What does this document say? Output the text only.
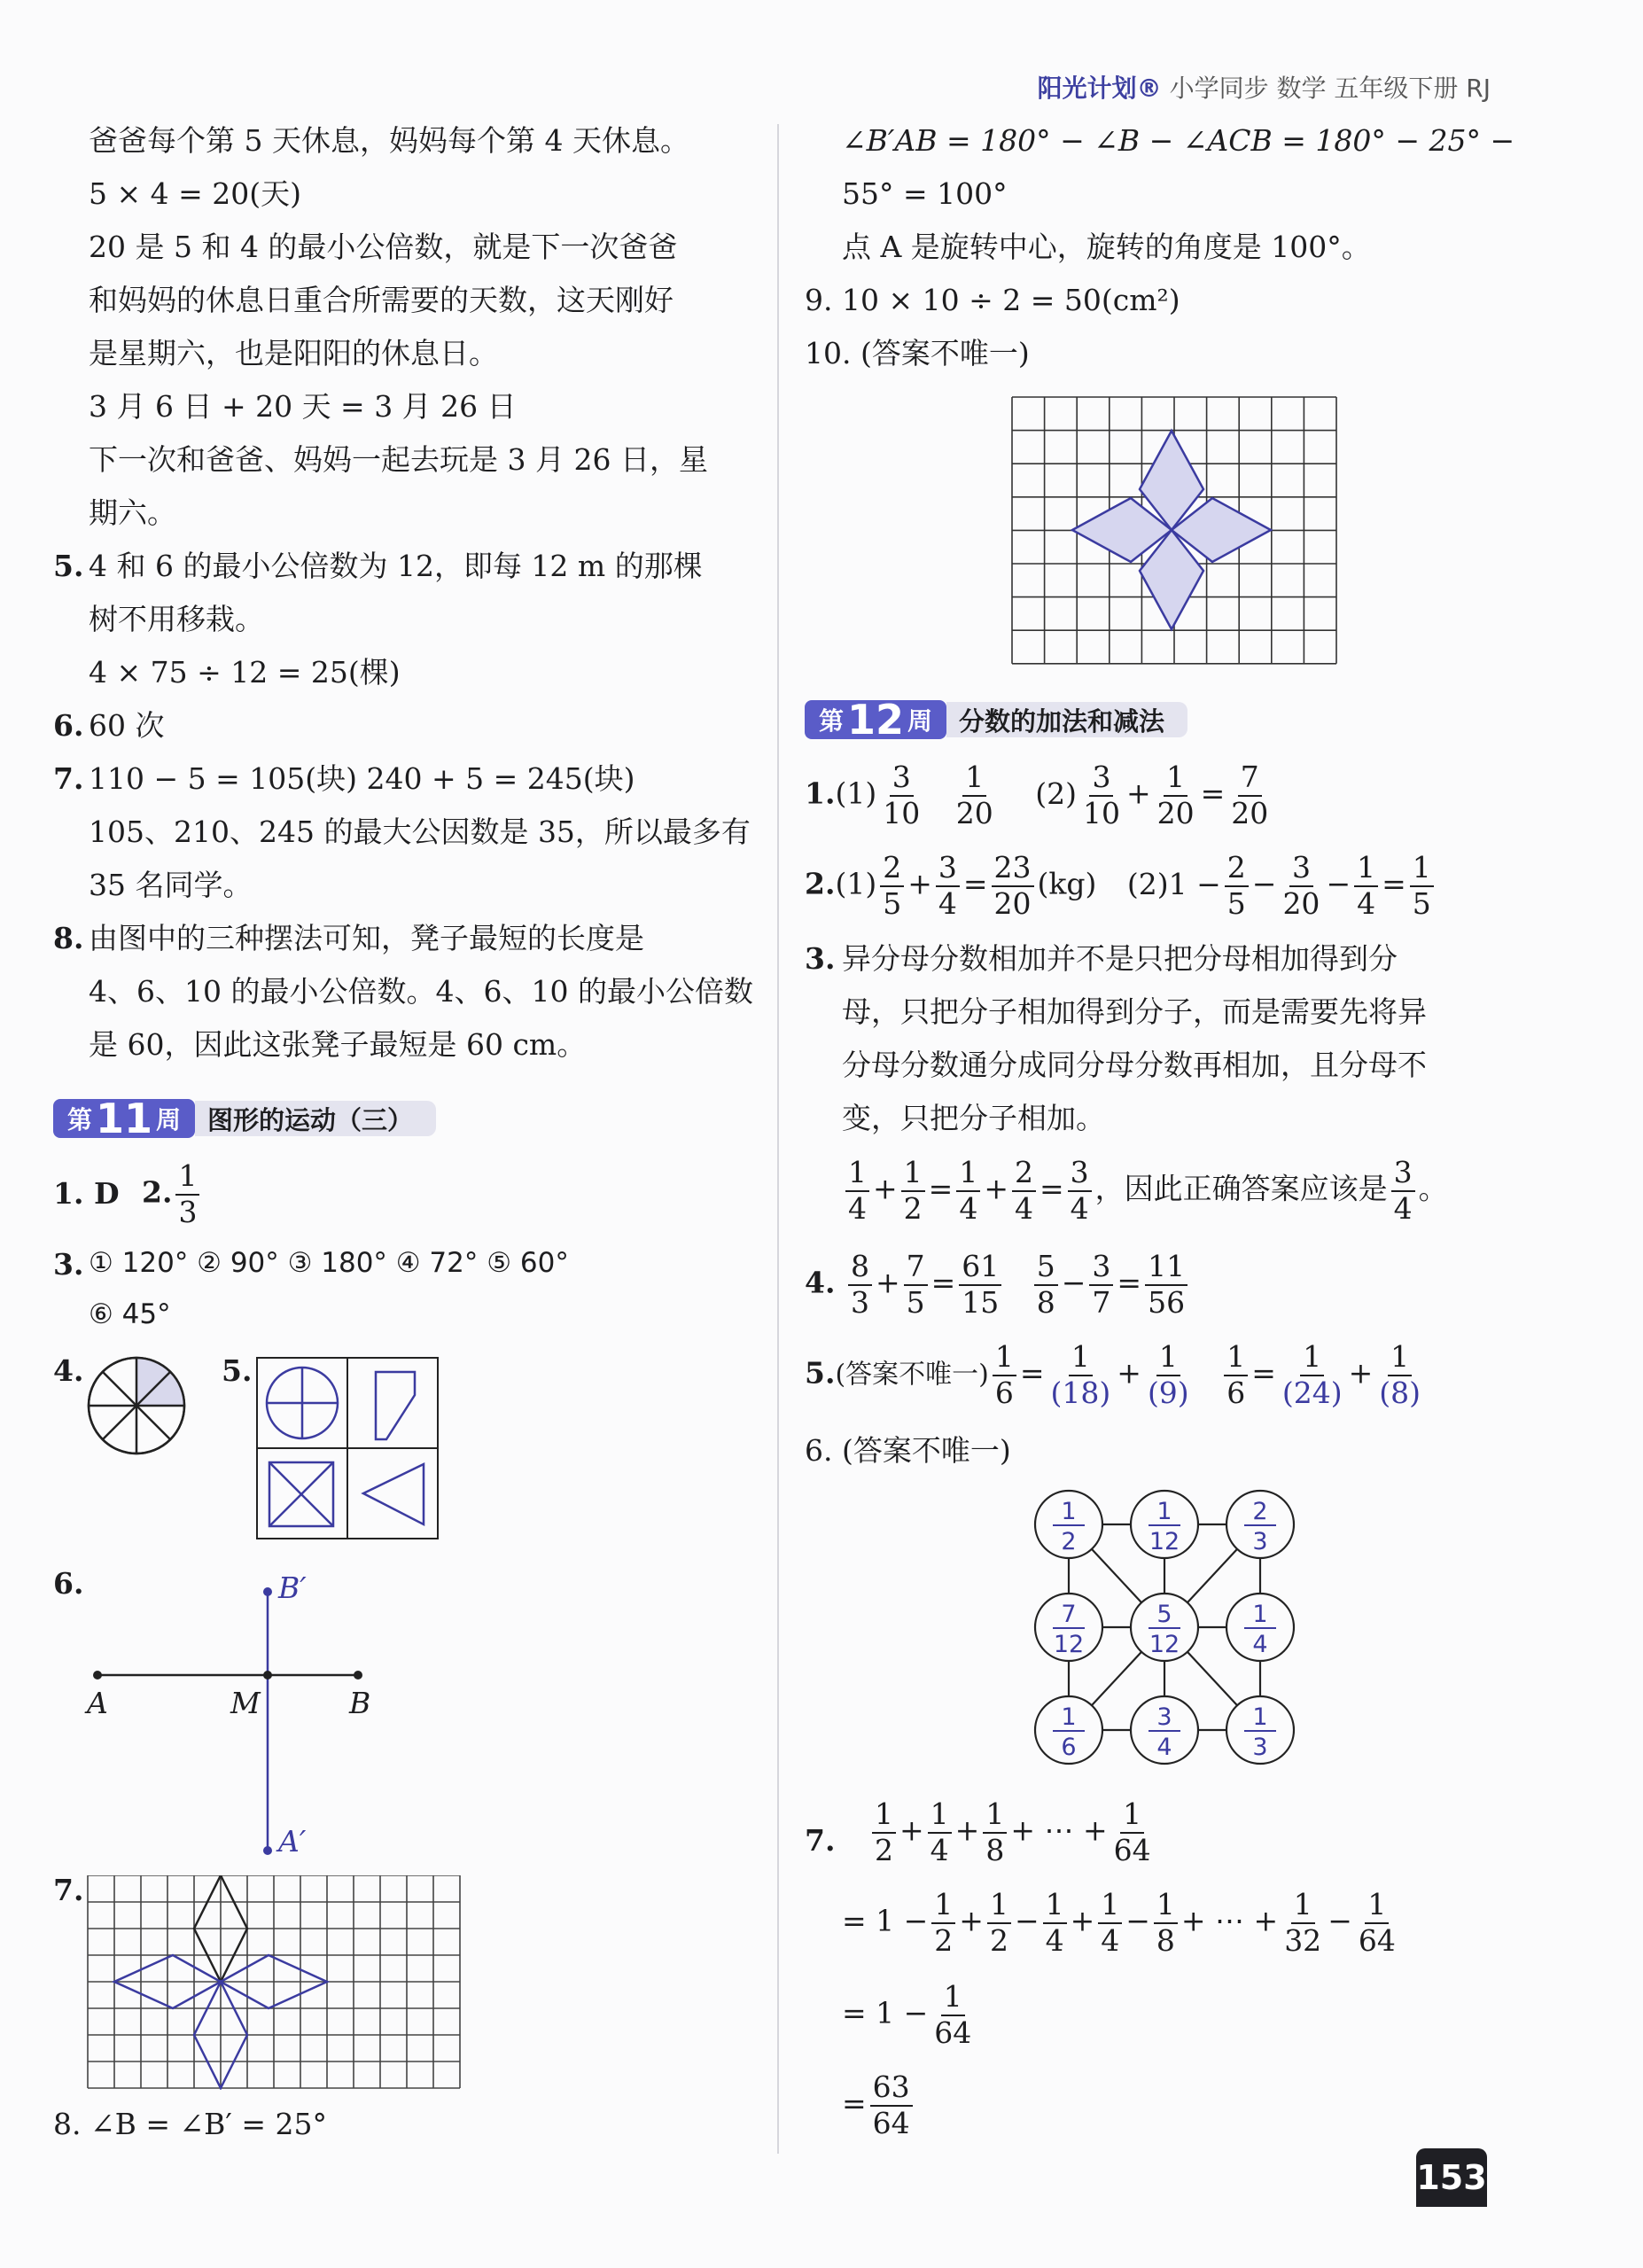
阳光计划® 小学同步 数学 五年级下册 RJ
爸爸每个第 5 天休息，妈妈每个第 4 天休息。
5 × 4 = 20(天)
20 是 5 和 4 的最小公倍数，就是下一次爸爸
和妈妈的休息日重合所需要的天数，这天刚好
是星期六，也是阳阳的休息日。
3 月 6 日 + 20 天 = 3 月 26 日
下一次和爸爸、妈妈一起去玩是 3 月 26 日，星
期六。
5. 4 和 6 的最小公倍数为 12，即每 12 m 的那棵
树不用移栽。
4 × 75 ÷ 12 = 25(棵)
6. 60 次
7. 110 − 5 = 105(块) 240 + 5 = 245(块)
105、210、245 的最大公因数是 35，所以最多有
35 名同学。
8. 由图中的三种摆法可知，凳子最短的长度是
4、6、10 的最小公倍数。4、6、10 的最小公倍数
是 60，因此这张凳子最短是 60 cm。
第 11 周	图形的运动（三）
1. D 2. $\frac{1}{3}$
3. ① 120° ② 90° ③ 180° ④ 72° ⑤ 60°
⑥ 45°
4.	5.
6.
A	M	B
B′
A′
7.
8. ∠B = ∠B′ = 25°
∠B′AB = 180° − ∠B − ∠ACB = 180° − 25° −
55° = 100°
点 A 是旋转中心，旋转的角度是 100°。
9. 10 × 10 ÷ 2 = 50(cm²)
10. (答案不唯一)
第 12 周	分数的加法和减法
$1.(1) \frac{3}{10}$
$\frac{1}{20} (2) \frac{3}{10} + \frac{1}{20} = \frac{7}{20}$
$2.(1) \frac{2}{5} + \frac{3}{4} = \frac{23}{20} (kg) (2)1 - \frac{2}{5} - \frac{3}{20} - \frac{1}{4} = \frac{1}{5}$
3. 异分母分数相加并不是只把分母相加得到分
母，只把分子相加得到分子，而是需要先将异
分母分数通分成同分母分数再相加，且分母不
变，只把分子相加。
$\frac{1}{4} + \frac{1}{2} = \frac{1}{4} + \frac{2}{4} = \frac{3}{4}$ ，因此正确答案应该是 $\frac{3}{4}$ 。
4. $\frac{8}{3} + \frac{7}{5} = \frac{61}{15}$
$\frac{5}{8} - \frac{3}{7} = \frac{11}{56}$
5.(答案不唯一) $\frac{1}{6} = \frac{1}{(18)} + \frac{1}{(9)}$
$\frac{1}{6} = \frac{1}{(24)} + \frac{1}{(8)}$
6. (答案不唯一)
1
2
1
12
2
3
7
12
5
12
1
4
1
6
3
4
1
3
7. $\frac{1}{2} + \frac{1}{4} + \frac{1}{8}$ + ⋯ + $\frac{1}{64}$
= $1 - \frac{1}{2} + \frac{1}{2} - \frac{1}{4} + \frac{1}{4} - \frac{1}{8}$ + ⋯ + $\frac{1}{32} - \frac{1}{64}$
= $1 - \frac{1}{64}$
= $\frac{63}{64}$
153
